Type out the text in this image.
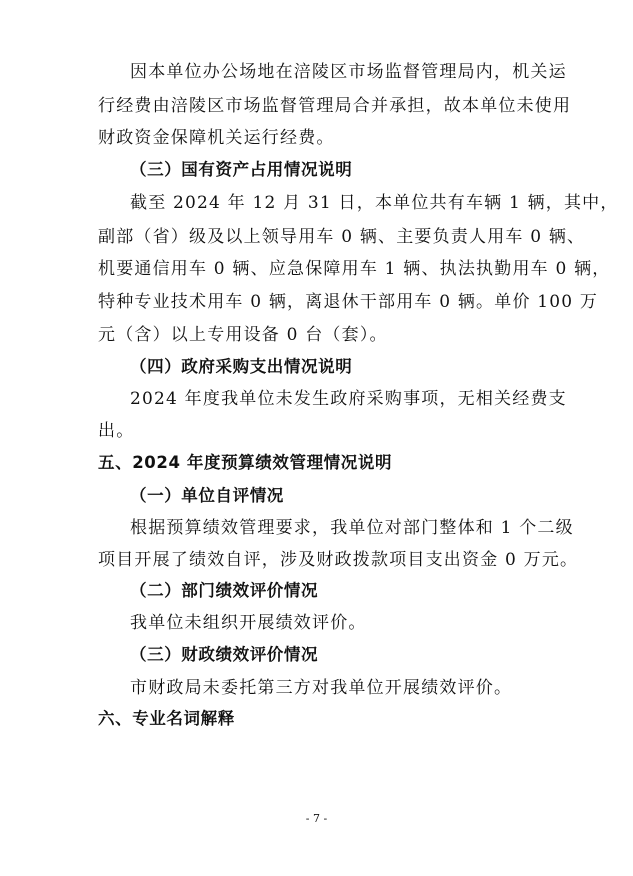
因本单位办公场地在涪陵区市场监督管理局内，机关运
行经费由涪陵区市场监督管理局合并承担，故本单位未使用
财政资金保障机关运行经费。
（三）国有资产占用情况说明
截至 2024 年 12 月 31 日，本单位共有车辆 1 辆，其中，
副部（省）级及以上领导用车 0 辆、主要负责人用车 0 辆、
机要通信用车 0 辆、应急保障用车 1 辆、执法执勤用车 0 辆，
特种专业技术用车 0 辆，离退休干部用车 0 辆。单价 100 万
元（含）以上专用设备 0 台（套）。
（四）政府采购支出情况说明
2024 年度我单位未发生政府采购事项，无相关经费支
出。
五、2024 年度预算绩效管理情况说明
（一）单位自评情况
根据预算绩效管理要求，我单位对部门整体和 1 个二级
项目开展了绩效自评，涉及财政拨款项目支出资金 0 万元。
（二）部门绩效评价情况
我单位未组织开展绩效评价。
（三）财政绩效评价情况
市财政局未委托第三方对我单位开展绩效评价。
六、专业名词解释
- 7 -
